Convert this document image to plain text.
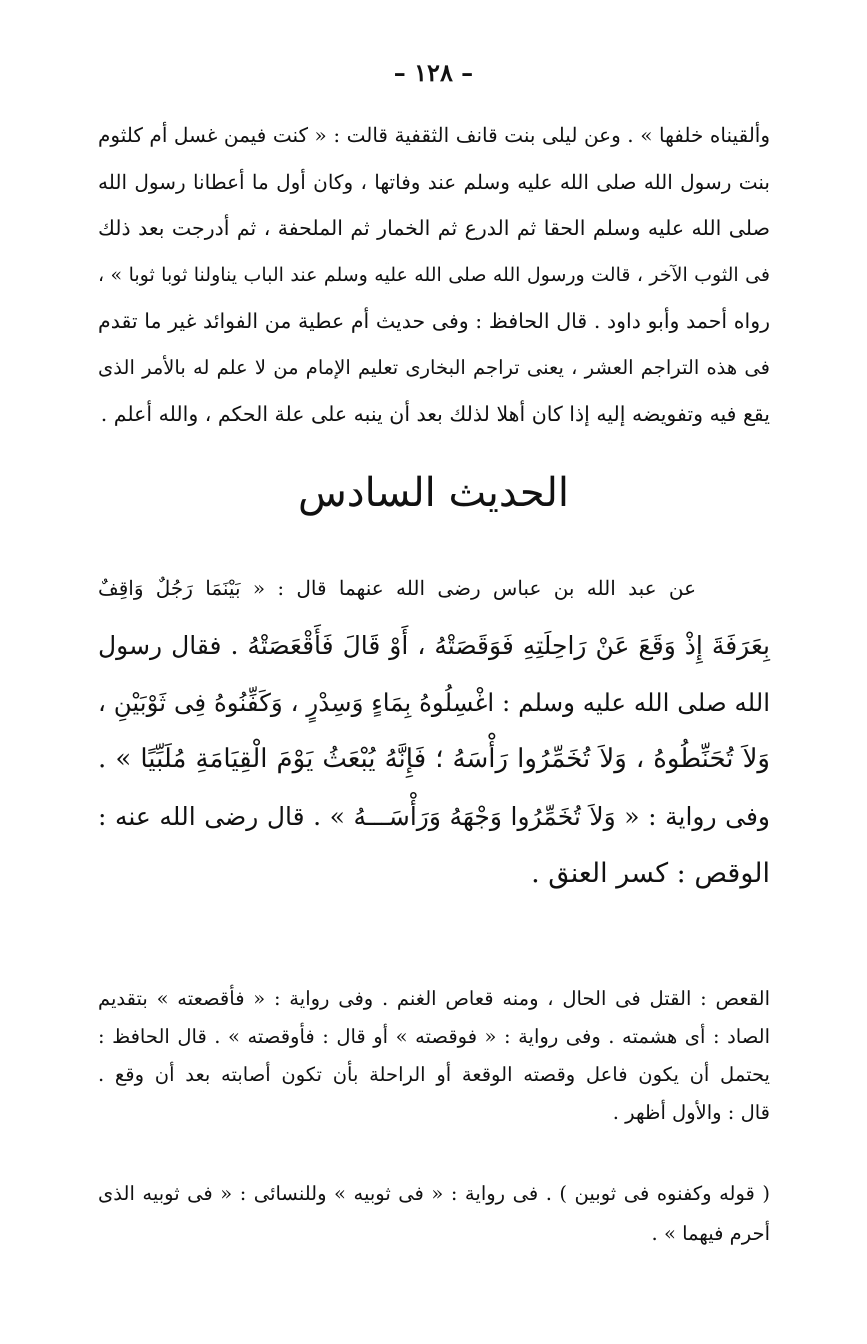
– ١٢٨ –
وألقيناه خلفها » . وعن ليلى بنت قانف الثقفية قالت : « كنت فيمن غسل أم كلثوم
بنت رسول الله صلى الله عليه وسلم عند وفاتها ، وكان أول ما أعطانا رسول الله
صلى الله عليه وسلم الحقا ثم الدرع ثم الخمار ثم الملحفة ، ثم أدرجت بعد ذلك
فى الثوب الآخر ، قالت ورسول الله صلى الله عليه وسلم عند الباب يناولنا ثوبا ثوبا » ،
رواه أحمد وأبو داود . قال الحافظ : وفى حديث أم عطية من الفوائد غير ما تقدم
فى هذه التراجم العشر ، يعنى تراجم البخارى تعليم الإمام من لا علم له بالأمر الذى
يقع فيه وتفويضه إليه إذا كان أهلا لذلك بعد أن ينبه على علة الحكم ، والله أعلم .
الحديث السادس
عن عبد الله بن عباس رضى الله عنهما قال : « بَيْنَمَا رَجُلٌ وَاقِفٌ
بِعَرَفَةَ إِذْ وَقَعَ عَنْ رَاحِلَتِهِ فَوَقَصَتْهُ ، أَوْ قَالَ فَأَقْعَصَتْهُ . فقال رسول
الله صلى الله عليه وسلم : اغْسِلُوهُ بِمَاءٍ وَسِدْرٍ ، وَكَفِّنُوهُ فِى ثَوْبَيْنِ ،
وَلاَ تُحَنِّطُوهُ ، وَلاَ تُخَمِّرُوا رَأْسَهُ ؛ فَإِنَّهُ يُبْعَثُ يَوْمَ الْقِيَامَةِ مُلَبِّيًا » .
وفى رواية : « وَلاَ تُخَمِّرُوا وَجْهَهُ وَرَأْسَـــهُ » . قال رضى الله عنه :
الوقص : كسر العنق .
القعص : القتل فى الحال ، ومنه قعاص الغنم . وفى رواية : « فأقصعته » بتقديم
الصاد : أى هشمته . وفى رواية : « فوقصته » أو قال : فأوقصته » . قال الحافظ :
يحتمل أن يكون فاعل وقصته الوقعة أو الراحلة بأن تكون أصابته بعد أن وقع .
قال : والأول أظهر .
( قوله وكفنوه فى ثوبين ) . فى رواية : « فى ثوبيه » وللنسائى : « فى ثوبيه الذى
أحرم فيهما » .
